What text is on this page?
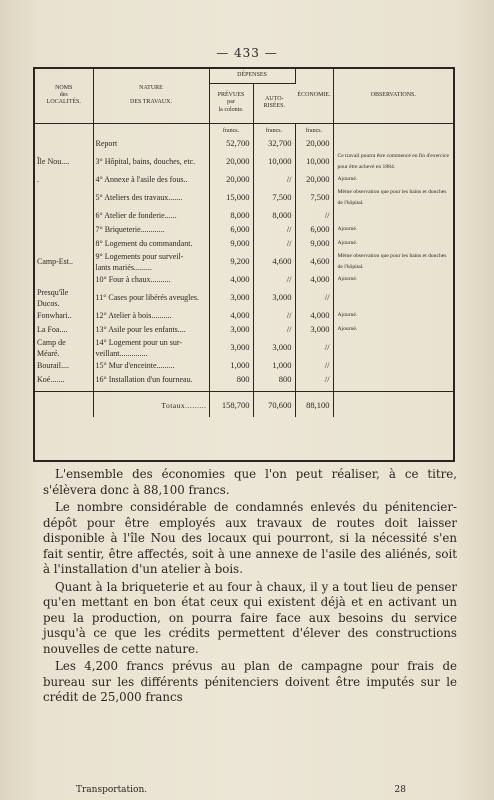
— 433 —
NOMS
des
LOCALITÉS.	NATURE

DES TRAVAUX.	DÉPENSES		ÉCONOMIE.	OBSERVATIONS.
		PRÉVUES
par
la colonie.	AUTO-
RISÉES.		
		francs.	francs.	francs.	
	Report	52,700	32,700	20,000	
Île Nou....	3° Hôpital, bains, douches, etc.	20,000	10,000	10,000	Ce travail pourra être commencé en fin d'exercice pour être achevé en 1884.
.	4° Annexe à l'asile des fous..	20,000	//	20,000	Ajourné.
	5° Ateliers des travaux.......	15,000	7,500	7,500	Même observation que pour les bains et douches de l'hôpital.
	6° Atelier de fonderie......	8,000	8,000	//	
	7° Briqueterie............	6,000	//	6,000	Ajourné.
	8° Logement du commandant.	9,000	//	9,000	Ajourné.
Camp-Est..	9° Logements pour surveil-
lants mariés.........	9,200	4,600	4,600	Même observation que pour les bains et douches de l'hôpital.
	10° Four à chaux..........	4,000	//	4,000	Ajourné.
Presqu'île
Ducos.	11° Cases pour libérés aveugles.	3,000	3,000	//	
Fonwhari..	12° Atelier à bois..........	4,000	//	4,000	Ajourné.
La Foa....	13° Asile pour les enfants....	3,000	//	3,000	Ajourné.
Camp de
Méaré.	14° Logement pour un sur-
veillant..............	3,000	3,000	//	
Bourail....	15° Mur d'enceinte.........	1,000	1,000	//	
Koé.......	16° Installation d'un fourneau.	800	800	//	

	Totaux.........	158,700	70,600	88,100	

L'ensemble des économies que l'on peut réaliser, à ce titre, s'élèvera donc à 88,100 francs.

Le nombre considérable de condamnés enlevés du pénitencier-dépôt pour être employés aux travaux de routes doit laisser disponible à l'île Nou des locaux qui pourront, si la nécessité s'en fait sentir, être affectés, soit à une annexe de l'asile des aliénés, soit à l'installation d'un atelier à bois.

Quant à la briqueterie et au four à chaux, il y a tout lieu de penser qu'en mettant en bon état ceux qui existent déjà et en activant un peu la production, on pourra faire face aux besoins du service jusqu'à ce que les crédits permettent d'élever des constructions nouvelles de cette nature.

Les 4,200 francs prévus au plan de campagne pour frais de bureau sur les différents pénitenciers doivent être imputés sur le crédit de 25,000 francs

Transportation.	28
